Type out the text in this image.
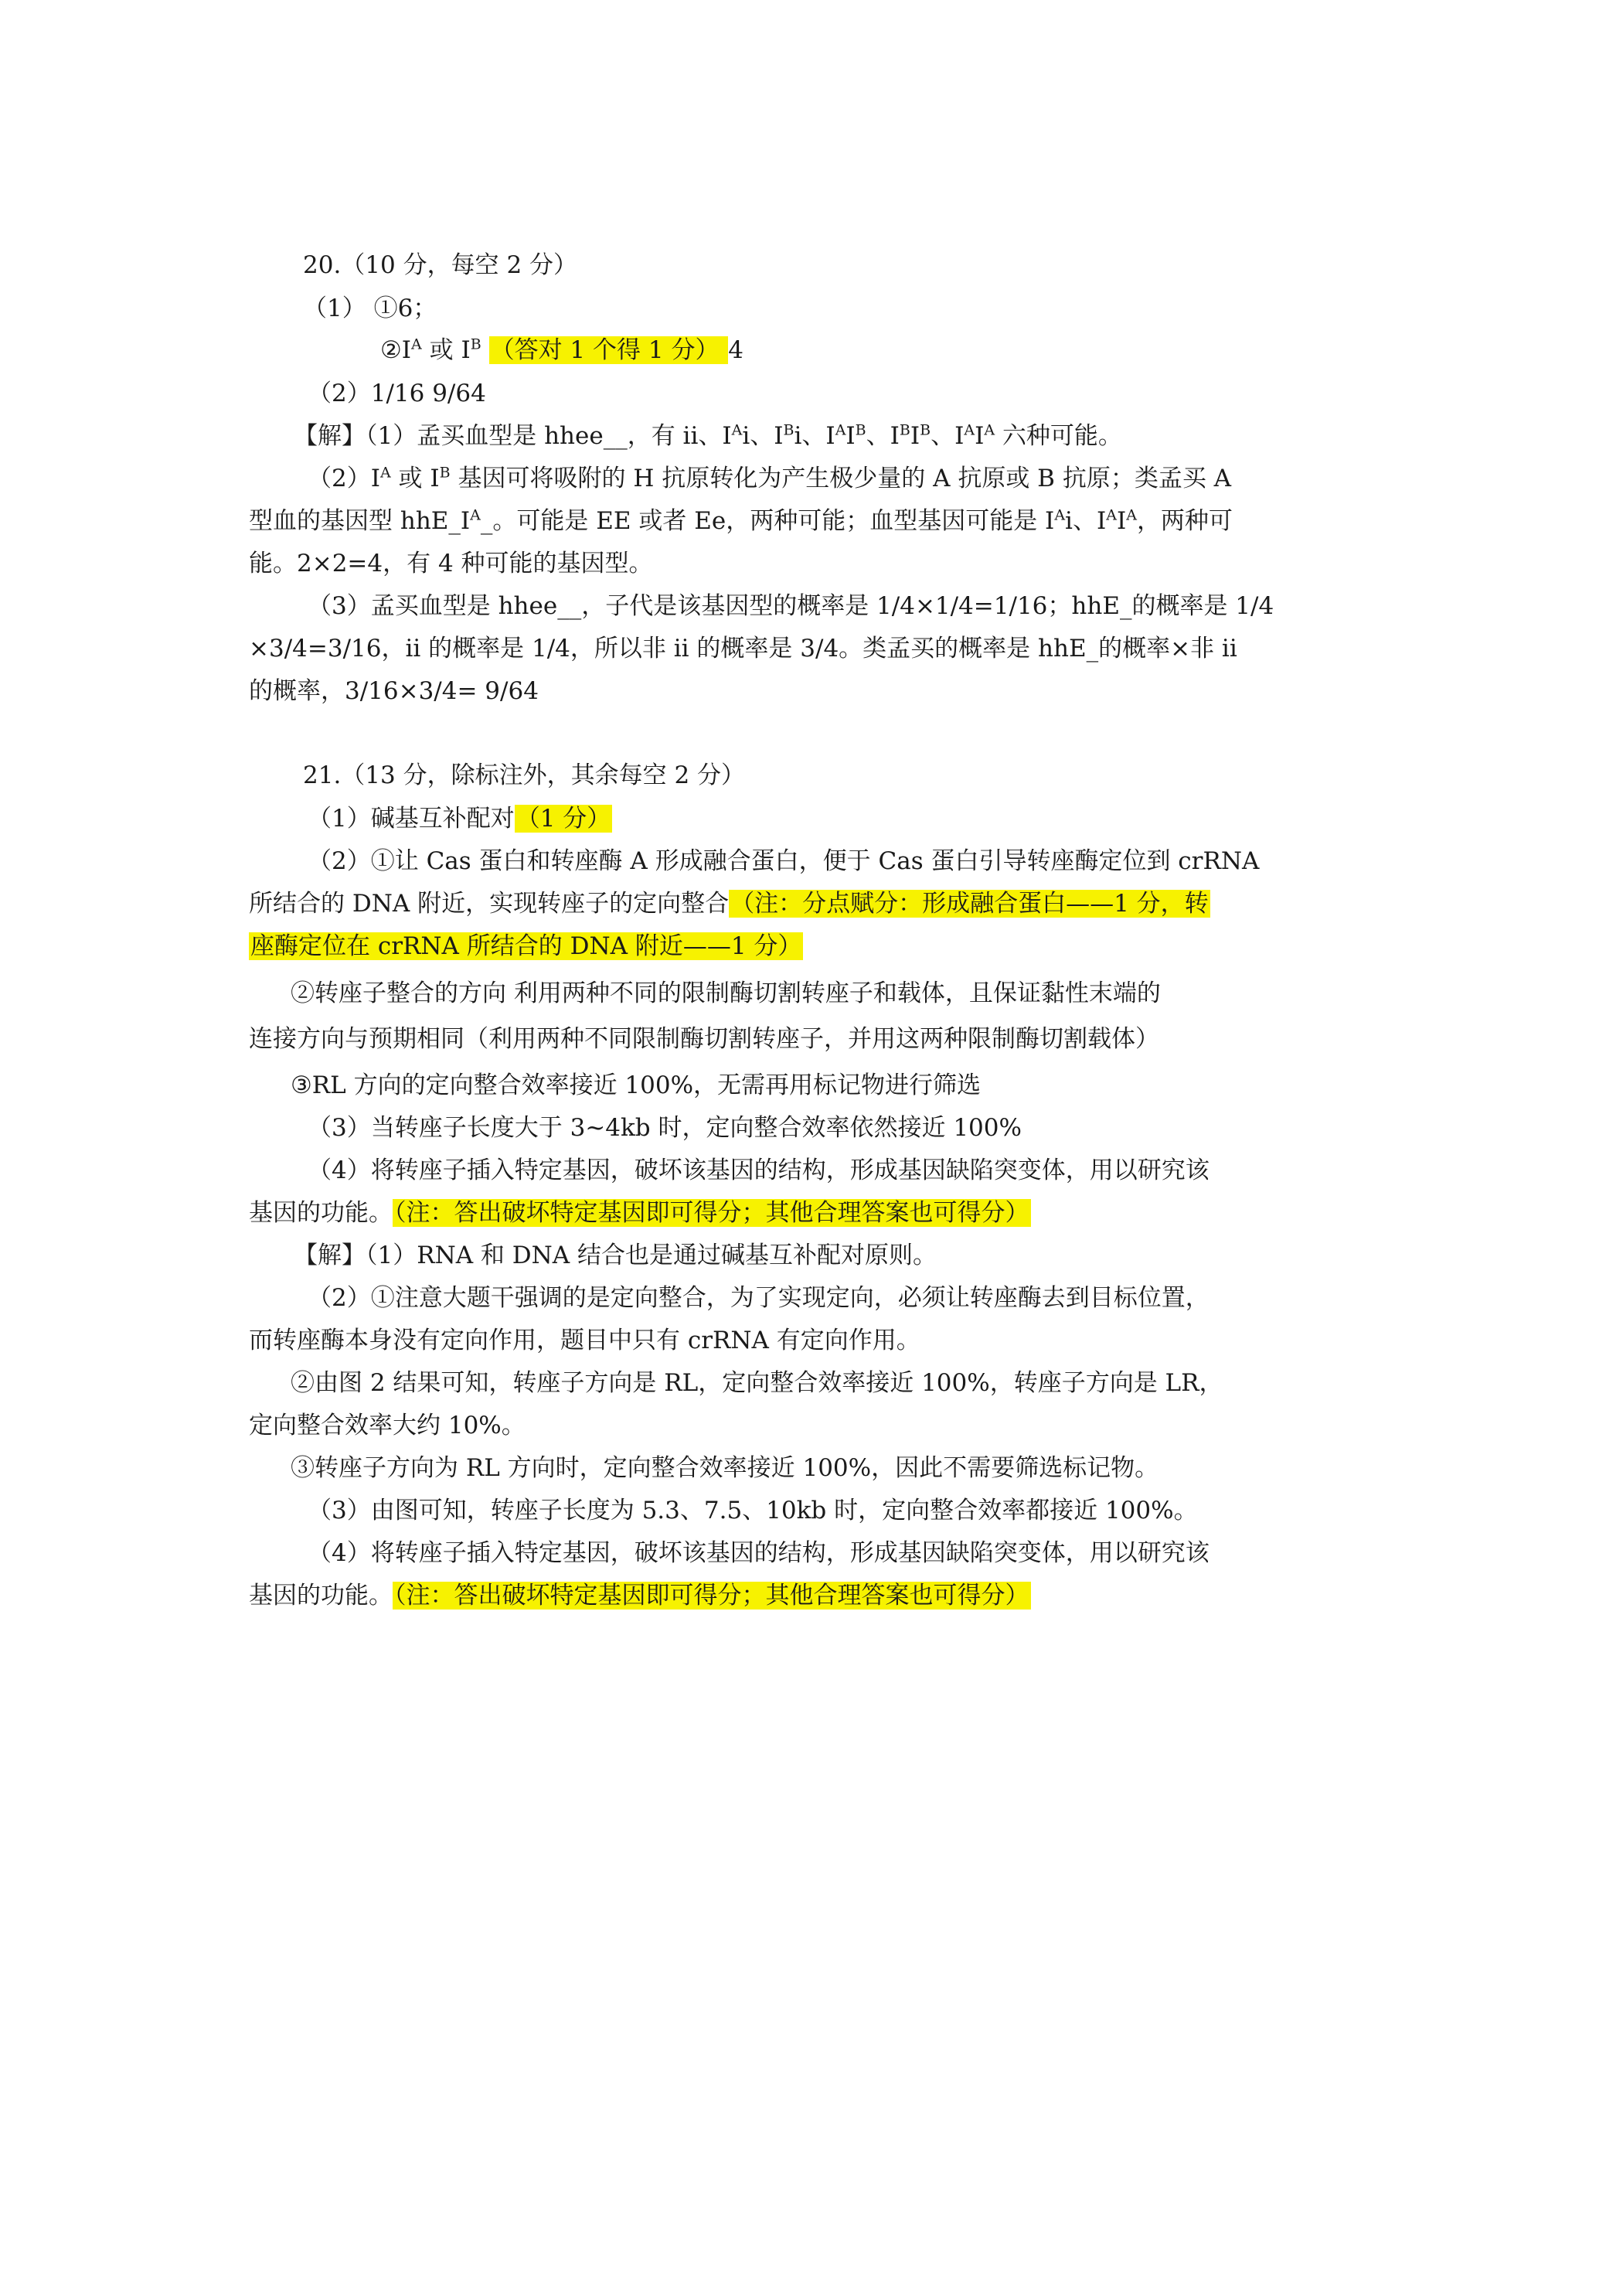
20.（10 分，每空 2 分）
（1） ①6；
$②I^A$ 或 $I^B$ （答对 1 个得 1 分） 4
（2）1/16 9/64
【解】（1）孟买血型是 hhee__，有 ii、$I^Ai$、$I^Bi$、$I^AI^B$、$I^BI^B$、$I^AI^A$ 六种可能。
$(2)I^A$ 或 $I^B$ 基因可将吸附的 H 抗原转化为产生极少量的 A 抗原或 B 抗原；类孟买 A
型血的基因型 $hhE\_I^A\_$。可能是 EE 或者 Ee，两种可能；血型基因可能是 $I^Ai$、$I^AI^A$，两种可
能。2×2=4，有 4 种可能的基因型。
（3）孟买血型是 hhee__，子代是该基因型的概率是 1/4×1/4=1/16；hhE_的概率是 1/4
×3/4=3/16，ii 的概率是 1/4，所以非 ii 的概率是 3/4。类孟买的概率是 hhE_的概率×非 ii
的概率，3/16×3/4= 9/64
21.（13 分，除标注外，其余每空 2 分）
（1）碱基互补配对（1 分）
（2）①让 Cas 蛋白和转座酶 A 形成融合蛋白，便于 Cas 蛋白引导转座酶定位到 crRNA
所结合的 DNA 附近，实现转座子的定向整合（注：分点赋分：形成融合蛋白——1 分，转
座酶定位在 crRNA 所结合的 DNA 附近——1 分）
②转座子整合的方向 利用两种不同的限制酶切割转座子和载体，且保证黏性末端的
连接方向与预期相同（利用两种不同限制酶切割转座子，并用这两种限制酶切割载体）
③RL 方向的定向整合效率接近 100%，无需再用标记物进行筛选
（3）当转座子长度大于 3~4kb 时，定向整合效率依然接近 100%
（4）将转座子插入特定基因，破坏该基因的结构，形成基因缺陷突变体，用以研究该
基因的功能。（注：答出破坏特定基因即可得分；其他合理答案也可得分）
【解】（1）RNA 和 DNA 结合也是通过碱基互补配对原则。
（2）①注意大题干强调的是定向整合，为了实现定向，必须让转座酶去到目标位置，
而转座酶本身没有定向作用，题目中只有 crRNA 有定向作用。
②由图 2 结果可知，转座子方向是 RL，定向整合效率接近 100%，转座子方向是 LR，
定向整合效率大约 10%。
③转座子方向为 RL 方向时，定向整合效率接近 100%，因此不需要筛选标记物。
（3）由图可知，转座子长度为 5.3、7.5、10kb 时，定向整合效率都接近 100%。
（4）将转座子插入特定基因，破坏该基因的结构，形成基因缺陷突变体，用以研究该
基因的功能。（注：答出破坏特定基因即可得分；其他合理答案也可得分）
